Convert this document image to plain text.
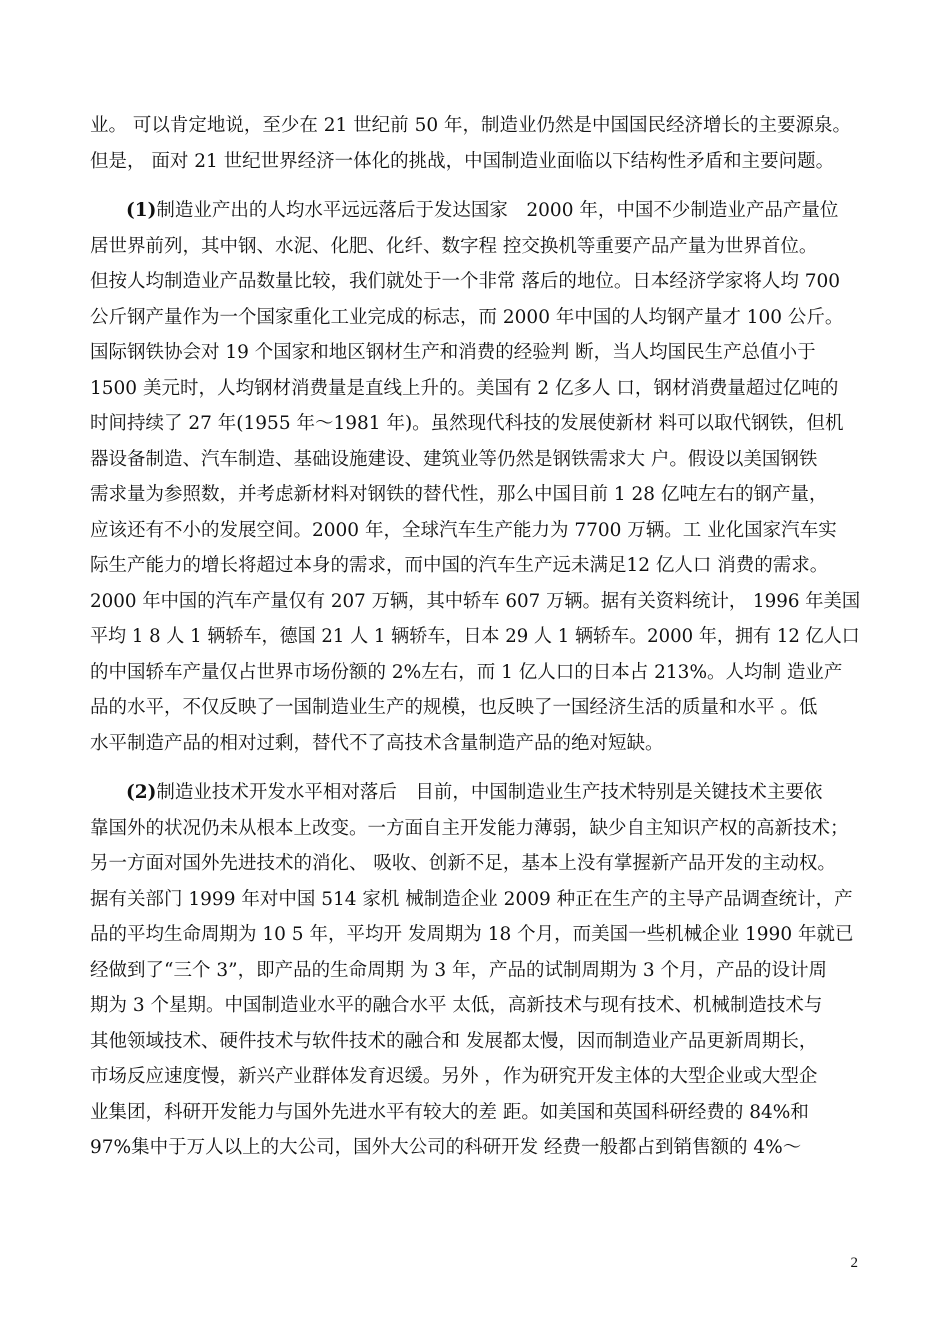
业。 可以肯定地说，至少在 21 世纪前 50 年，制造业仍然是中国国民经济增长的主要源泉。
但是， 面对 21 世纪世界经济一体化的挑战，中国制造业面临以下结构性矛盾和主要问题。
(1)制造业产出的人均水平远远落后于发达国家　2000 年，中国不少制造业产品产量位
居世界前列，其中钢、水泥、化肥、化纤、数字程 控交换机等重要产品产量为世界首位。
但按人均制造业产品数量比较，我们就处于一个非常 落后的地位。日本经济学家将人均 700
公斤钢产量作为一个国家重化工业完成的标志，而 2000 年中国的人均钢产量才 100 公斤。
国际钢铁协会对 19 个国家和地区钢材生产和消费的经验判 断，当人均国民生产总值小于
1500 美元时，人均钢材消费量是直线上升的。美国有 2 亿多人 口，钢材消费量超过亿吨的
时间持续了 27 年(1955 年～1981 年)。虽然现代科技的发展使新材 料可以取代钢铁，但机
器设备制造、汽车制造、基础设施建设、建筑业等仍然是钢铁需求大 户。假设以美国钢铁
需求量为参照数，并考虑新材料对钢铁的替代性，那么中国目前 1 28 亿吨左右的钢产量，
应该还有不小的发展空间。2000 年，全球汽车生产能力为 7700 万辆。工 业化国家汽车实
际生产能力的增长将超过本身的需求，而中国的汽车生产远未满足12 亿人口 消费的需求。
2000 年中国的汽车产量仅有 207 万辆，其中轿车 607 万辆。据有关资料统计， 1996 年美国
平均 1 8 人 1 辆轿车，德国 21 人 1 辆轿车，日本 29 人 1 辆轿车。2000 年，拥有 12 亿人口
的中国轿车产量仅占世界市场份额的 2%左右，而 1 亿人口的日本占 213%。人均制 造业产
品的水平，不仅反映了一国制造业生产的规模，也反映了一国经济生活的质量和水平 。低
水平制造产品的相对过剩，替代不了高技术含量制造产品的绝对短缺。
(2)制造业技术开发水平相对落后　目前，中国制造业生产技术特别是关键技术主要依
靠国外的状况仍未从根本上改变。一方面自主开发能力薄弱，缺少自主知识产权的高新技术；
另一方面对国外先进技术的消化、 吸收、创新不足，基本上没有掌握新产品开发的主动权。
据有关部门 1999 年对中国 514 家机 械制造企业 2009 种正在生产的主导产品调查统计，产
品的平均生命周期为 10 5 年，平均开 发周期为 18 个月，而美国一些机械企业 1990 年就已
经做到了“三个 3”，即产品的生命周期 为 3 年，产品的试制周期为 3 个月，产品的设计周
期为 3 个星期。中国制造业水平的融合水平 太低，高新技术与现有技术、机械制造技术与
其他领域技术、硬件技术与软件技术的融合和 发展都太慢，因而制造业产品更新周期长，
市场反应速度慢，新兴产业群体发育迟缓。另外 ，作为研究开发主体的大型企业或大型企
业集团，科研开发能力与国外先进水平有较大的差 距。如美国和英国科研经费的 84%和
97%集中于万人以上的大公司，国外大公司的科研开发 经费一般都占到销售额的 4%～
2
